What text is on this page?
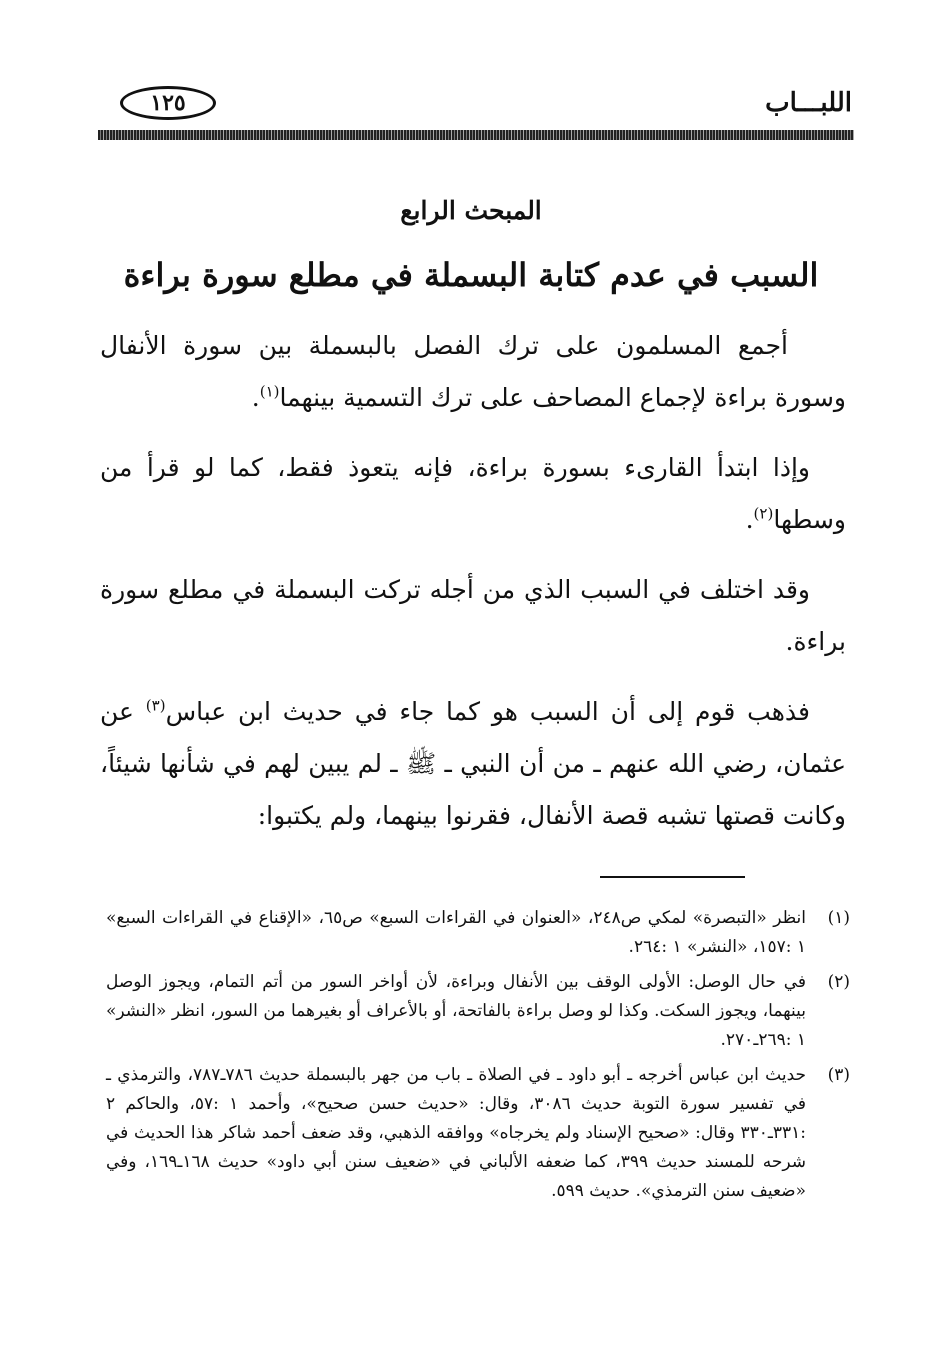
اللبـــاب
١٢٥
المبحث الرابع
السبب في عدم كتابة البسملة في مطلع سورة براءة

أجمع المسلمون على ترك الفصل بالبسملة بين سورة الأنفال وسورة براءة لإجماع المصاحف على ترك التسمية بينهما$^{(١)}$.

وإذا ابتدأ القارىء بسورة براءة، فإنه يتعوذ فقط، كما لو قرأ من وسطها$^{(٢)}$.

وقد اختلف في السبب الذي من أجله تركت البسملة في مطلع سورة براءة.

فذهب قوم إلى أن السبب هو كما جاء في حديث ابن عباس$^{(٣)}$ عن عثمان، رضي الله عنهم ـ من أن النبي ـ ﷺ ـ لم يبين لهم في شأنها شيئاً، وكانت قصتها تشبه قصة الأنفال، فقرنوا بينهما، ولم يكتبوا:

(١)
انظر «التبصرة» لمكي ص٢٤٨، «العنوان في القراءات السبع» ص٦٥، «الإقناع في القراءات السبع» ١ :١٥٧، «النشر» ١ :٢٦٤.
(٢)
في حال الوصل: الأولى الوقف بين الأنفال وبراءة، لأن أواخر السور من أتم التمام، ويجوز الوصل بينهما، ويجوز السكت. وكذا لو وصل براءة بالفاتحة، أو بالأعراف أو بغيرهما من السور، انظر «النشر» ١ :٢٦٩ـ٢٧٠.
(٣)
حديث ابن عباس أخرجه ـ أبو داود ـ في الصلاة ـ باب من جهر بالبسملة حديث ٧٨٦ـ٧٨٧، والترمذي ـ في تفسير سورة التوبة حديث ٣٠٨٦، وقال: «حديث حسن صحيح»، وأحمد ١ :٥٧، والحاكم ٢ :٣٣١ـ٣٣٠ وقال: «صحيح الإسناد ولم يخرجاه» ووافقه الذهبي، وقد ضعف أحمد شاكر هذا الحديث في شرحه للمسند حديث ٣٩٩، كما ضعفه الألباني في «ضعيف سنن أبي داود» حديث ١٦٨ـ١٦٩، وفي «ضعيف سنن الترمذي». حديث ٥٩٩.
